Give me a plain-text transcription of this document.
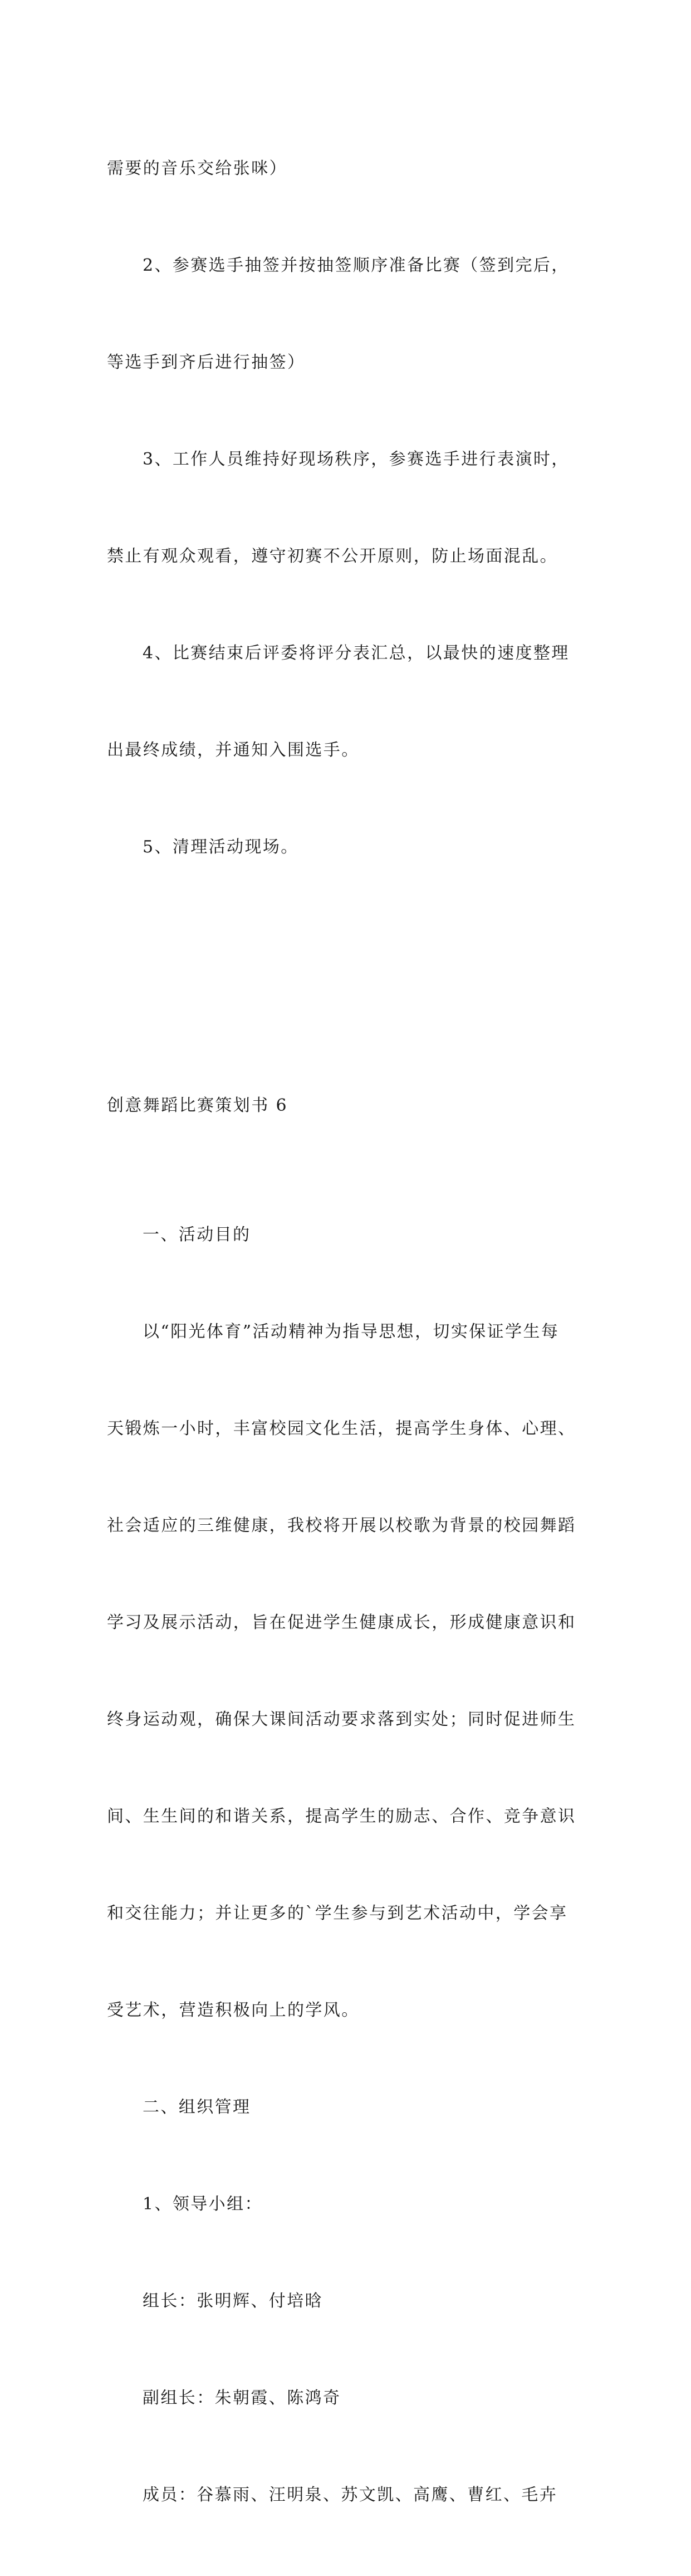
需要的音乐交给张咪）

2、参赛选手抽签并按抽签顺序准备比赛（签到完后，

等选手到齐后进行抽签）

3、工作人员维持好现场秩序，参赛选手进行表演时，

禁止有观众观看，遵守初赛不公开原则，防止场面混乱。

4、比赛结束后评委将评分表汇总，以最快的速度整理

出最终成绩，并通知入围选手。

5、清理活动现场。

创意舞蹈比赛策划书 6

一、活动目的

以“阳光体育”活动精神为指导思想，切实保证学生每

天锻炼一小时，丰富校园文化生活，提高学生身体、心理、

社会适应的三维健康，我校将开展以校歌为背景的校园舞蹈

学习及展示活动，旨在促进学生健康成长，形成健康意识和

终身运动观，确保大课间活动要求落到实处；同时促进师生

间、生生间的和谐关系，提高学生的励志、合作、竞争意识

和交往能力；并让更多的`学生参与到艺术活动中，学会享

受艺术，营造积极向上的学风。

二、组织管理

1、领导小组：

组长：张明辉、付培晗

副组长：朱朝霞、陈鸿奇

成员：谷慕雨、汪明泉、苏文凯、高鹰、曹红、毛卉
